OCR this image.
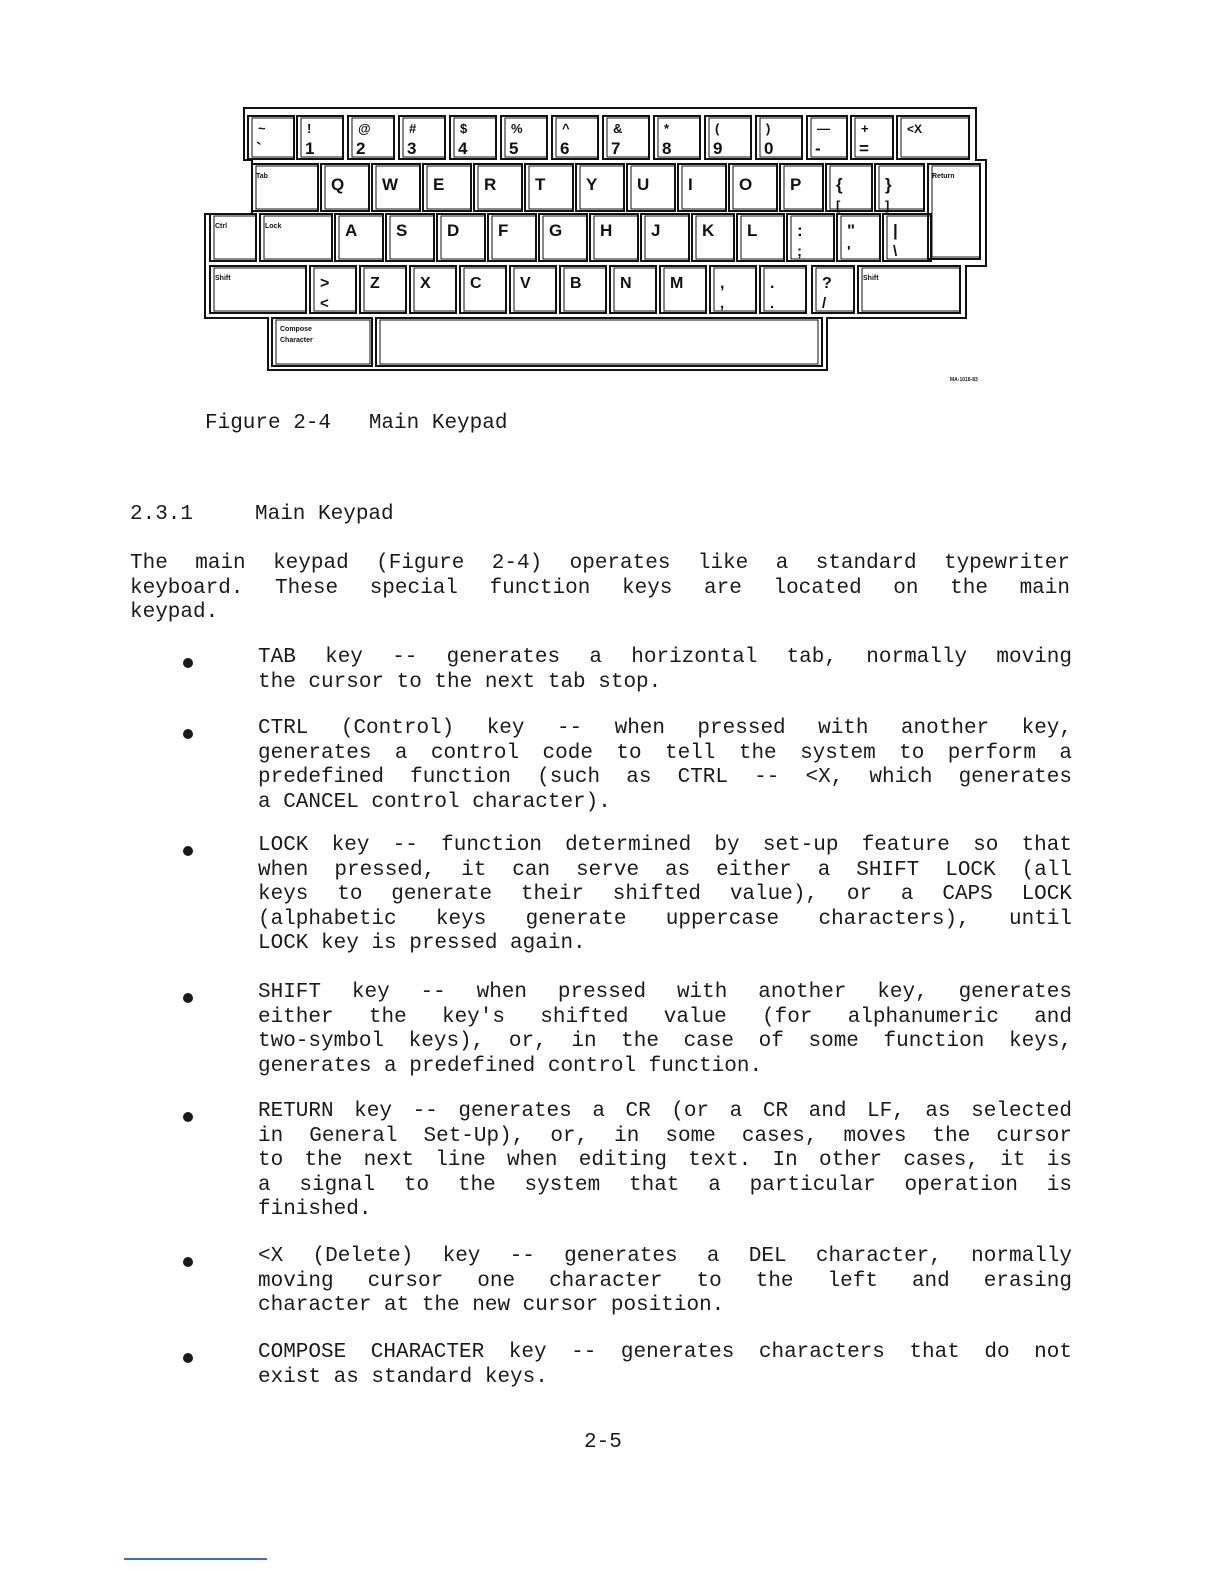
~
`
!
1
@
2
#
3
$
4
%
5
^
6
&
7
*
8
(
9
)
0
—
-
+
=
<X
Tab	Q W E R T Y U I	O P {
[
}
]
Return
Ctrl	Lock	A S D F G H J K L :
;
"
'
|
\
Shift	>
<
Z	X C V B N M ,
,
.
.
?
/
Shift
Compose
Character
MA-1018-83
Figure 2-4   Main Keypad
2.3.1	Main Keypad
The main keypad (Figure 2-4) operates like a standard typewriter
keyboard. These special function keys are located on the main
keypad.
TAB key -- generates a horizontal tab, normally moving
the cursor to the next tab stop.
CTRL (Control) key -- when pressed with another key,
generates a control code to tell the system to perform a
predefined function (such as CTRL -- <X, which generates
a CANCEL control character).
LOCK key -- function determined by set-up feature so that
when pressed, it can serve as either a SHIFT LOCK (all
keys to generate their shifted value), or a CAPS LOCK
(alphabetic keys generate uppercase characters), until
LOCK key is pressed again.
SHIFT key -- when pressed with another key, generates
either the key's shifted value (for alphanumeric and
two-symbol keys), or, in the case of some function keys,
generates a predefined control function.
RETURN key -- generates a CR (or a CR and LF, as selected
in General Set-Up), or, in some cases, moves the cursor
to the next line when editing text. In other cases, it is
a signal to the system that a particular operation is
finished.
<X (Delete) key -- generates a DEL character, normally
moving cursor one character to the left and erasing
character at the new cursor position.
COMPOSE CHARACTER key -- generates characters that do not
exist as standard keys.
2-5
